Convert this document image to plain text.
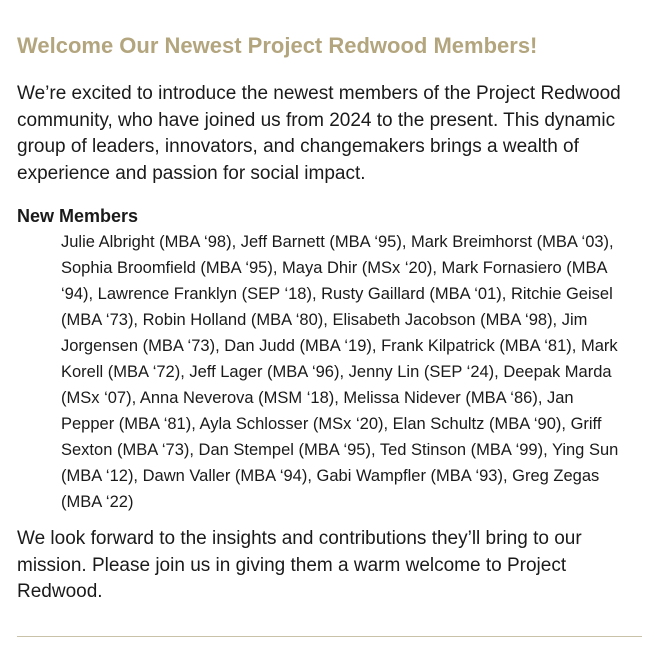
Welcome Our Newest Project Redwood Members!

We’re excited to introduce the newest members of the Project Redwood community, who have joined us from 2024 to the present. This dynamic group of leaders, innovators, and changemakers brings a wealth of experience and passion for social impact.

New Members
Julie Albright (MBA ‘98), Jeff Barnett (MBA ‘95), Mark Breimhorst (MBA ‘03), Sophia Broomfield (MBA ‘95), Maya Dhir (MSx ‘20), Mark Fornasiero (MBA ‘94), Lawrence Franklyn (SEP ‘18), Rusty Gaillard (MBA ‘01), Ritchie Geisel (MBA ‘73), Robin Holland (MBA ‘80), Elisabeth Jacobson (MBA ‘98), Jim Jorgensen (MBA ‘73), Dan Judd (MBA ‘19), Frank Kilpatrick (MBA ‘81), Mark Korell (MBA ‘72), Jeff Lager (MBA ‘96), Jenny Lin (SEP ‘24), Deepak Marda (MSx ‘07), Anna Neverova (MSM ‘18), Melissa Nidever (MBA ‘86), Jan Pepper (MBA ‘81), Ayla Schlosser (MSx ‘20), Elan Schultz (MBA ‘90), Griff Sexton (MBA ‘73), Dan Stempel (MBA ‘95), Ted Stinson (MBA ‘99), Ying Sun (MBA ‘12), Dawn Valler (MBA ‘94), Gabi Wampfler (MBA ‘93), Greg Zegas (MBA ‘22)

We look forward to the insights and contributions they’ll bring to our mission. Please join us in giving them a warm welcome to Project Redwood.
